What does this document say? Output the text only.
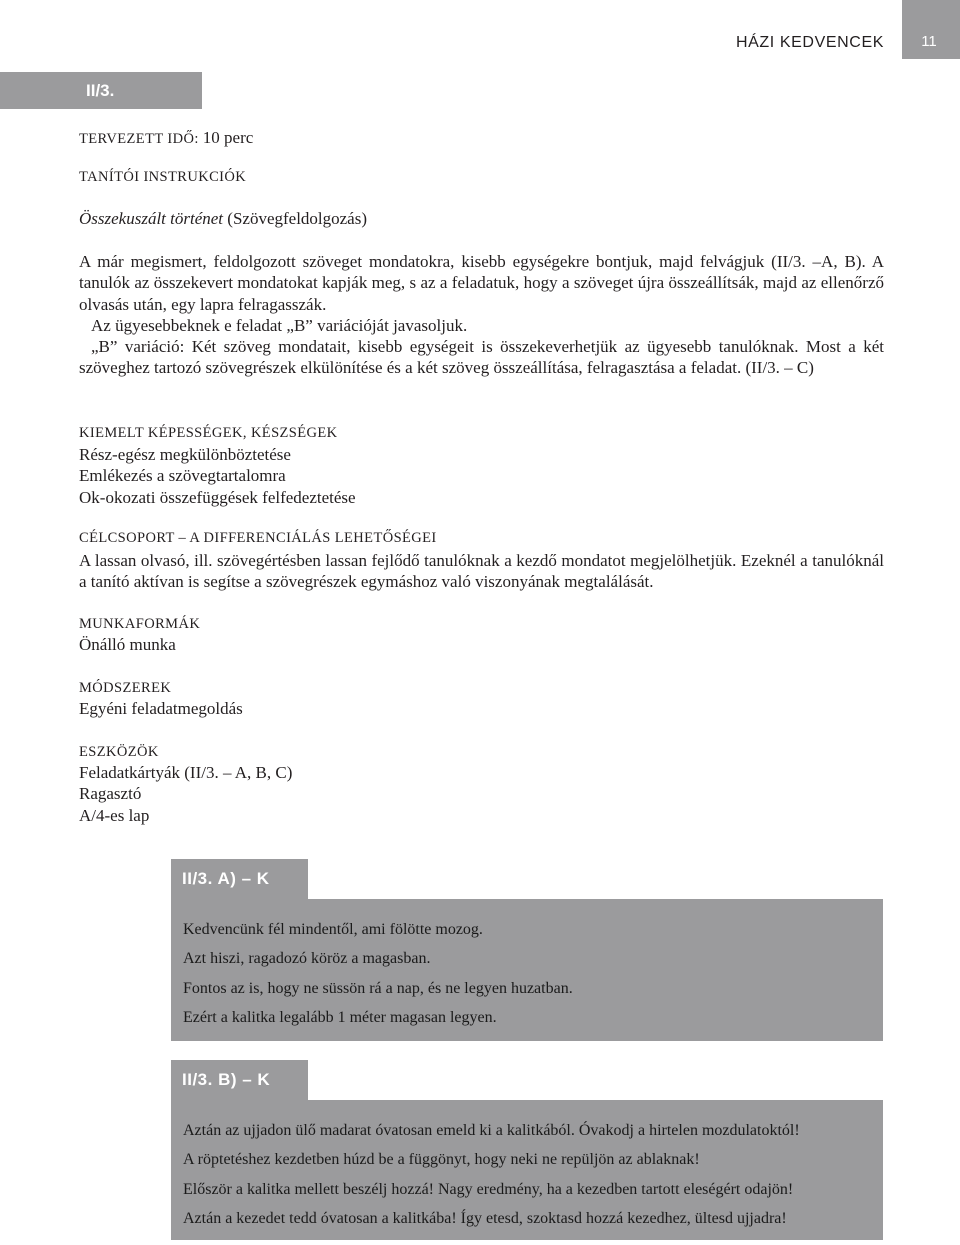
HÁZI KEDVENCEK 11
II/3.
TERVEZETT IDŐ: 10 perc
TANÍTÓI INSTRUKCIÓK
Összekuszált történet (Szövegfeldolgozás)

A már megismert, feldolgozott szöveget mondatokra, kisebb egységekre bontjuk, majd felvágjuk (II/3. –A, B). A tanulók az összekevert mondatokat kapják meg, s az a feladatuk, hogy a szöveget újra összeállítsák, majd az ellenőrző olvasás után, egy lapra felragasszák.

Az ügyesebbeknek e feladat „B” variációját javasoljuk.

„B” variáció: Két szöveg mondatait, kisebb egységeit is összekeverhetjük az ügyesebb tanulóknak. Most a két szöveghez tartozó szövegrészek elkülönítése és a két szöveg összeállítása, felragasztása a feladat. (II/3. – C)

KIEMELT KÉPESSÉGEK, KÉSZSÉGEK
Rész-egész megkülönböztetése
Emlékezés a szövegtartalomra
Ok-okozati összefüggések felfedeztetése
CÉLCSOPORT – A DIFFERENCIÁLÁS LEHETŐSÉGEI

A lassan olvasó, ill. szövegértésben lassan fejlődő tanulóknak a kezdő mondatot megjelölhetjük. Ezeknél a tanulóknál a tanító aktívan is segítse a szövegrészek egymáshoz való viszonyának megtalálását.

MUNKAFORMÁK
Önálló munka
MÓDSZEREK
Egyéni feladatmegoldás
ESZKÖZÖK
Feladatkártyák (II/3. – A, B, C)
Ragasztó
A/4-es lap
II/3. A) – K
Kedvencünk fél mindentől, ami fölötte mozog.
Azt hiszi, ragadozó köröz a magasban.
Fontos az is, hogy ne süssön rá a nap, és ne legyen huzatban.
Ezért a kalitka legalább 1 méter magasan legyen.
II/3. B) – K
Aztán az ujjadon ülő madarat óvatosan emeld ki a kalitkából. Óvakodj a hirtelen mozdulatoktól!
A röptetéshez kezdetben húzd be a függönyt, hogy neki ne repüljön az ablaknak!
Először a kalitka mellett beszélj hozzá! Nagy eredmény, ha a kezedben tartott eleségért odajön!
Aztán a kezedet tedd óvatosan a kalitkába! Így etesd, szoktasd hozzá kezedhez, ültesd ujjadra!
